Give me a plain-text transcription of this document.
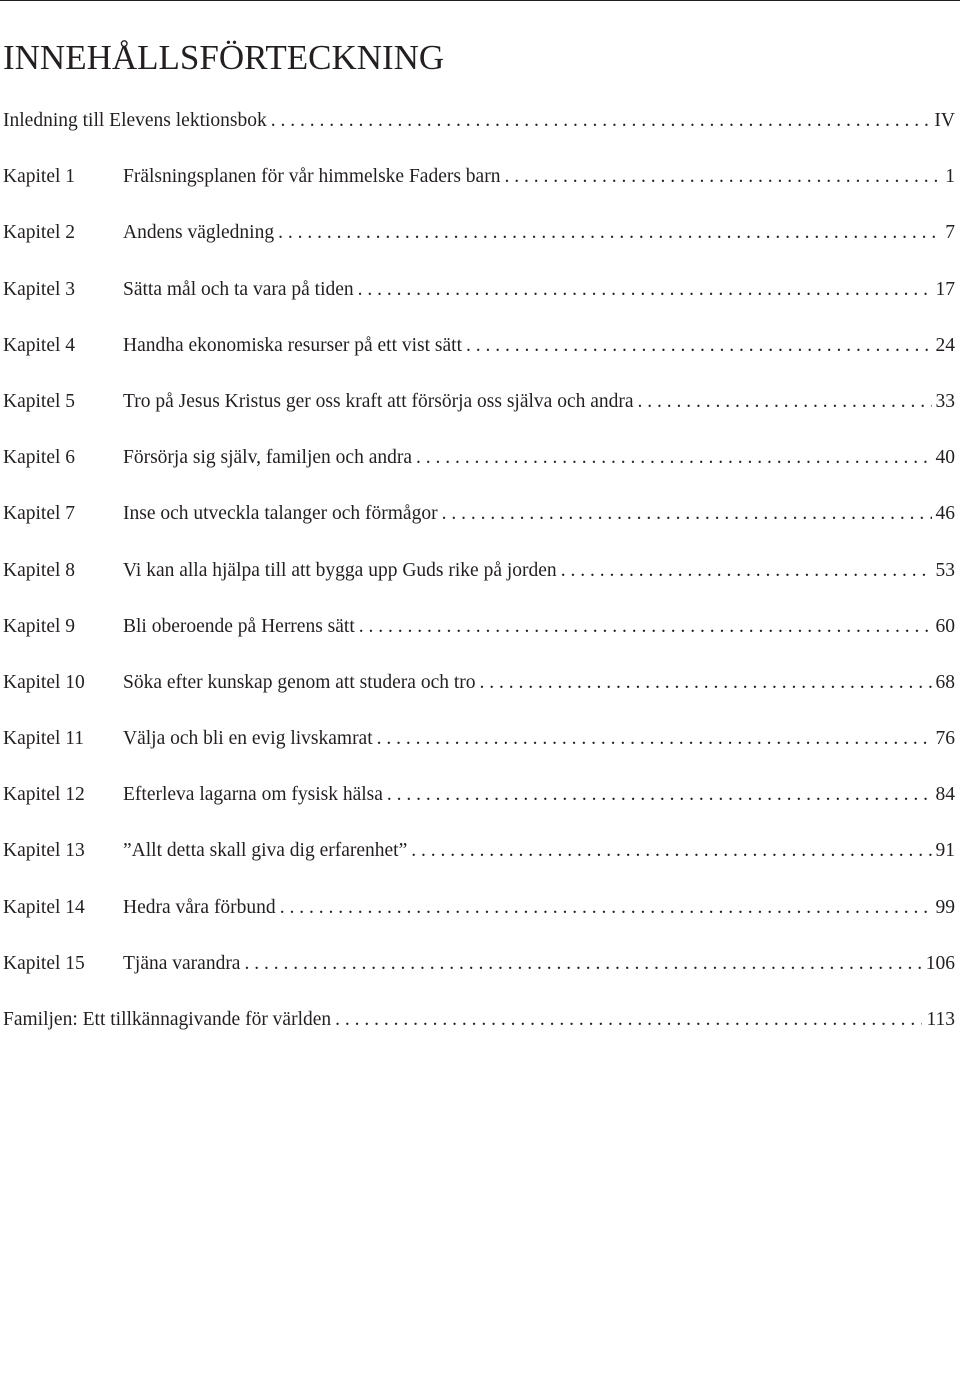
INNEHÅLLSFÖRTECKNING
Inledning till Elevens lektionsbok . . .	IV
Kapitel 1	Frälsningsplanen för vår himmelske Faders barn . . .	1
Kapitel 2	Andens vägledning . . .	7
Kapitel 3	Sätta mål och ta vara på tiden . . .	17
Kapitel 4	Handha ekonomiska resurser på ett vist sätt . . .	24
Kapitel 5	Tro på Jesus Kristus ger oss kraft att försörja oss själva och andra . . .	33
Kapitel 6	Försörja sig själv, familjen och andra . . .	40
Kapitel 7	Inse och utveckla talanger och förmågor . . .	46
Kapitel 8	Vi kan alla hjälpa till att bygga upp Guds rike på jorden . . .	53
Kapitel 9	Bli oberoende på Herrens sätt . . .	60
Kapitel 10	Söka efter kunskap genom att studera och tro . . .	68
Kapitel 11	Välja och bli en evig livskamrat . . .	76
Kapitel 12	Efterleva lagarna om fysisk hälsa . . .	84
Kapitel 13	”Allt detta skall giva dig erfarenhet” . . .	91
Kapitel 14	Hedra våra förbund . . .	99
Kapitel 15	Tjäna varandra . . .	106
Familjen: Ett tillkännagivande för världen . . .	113
